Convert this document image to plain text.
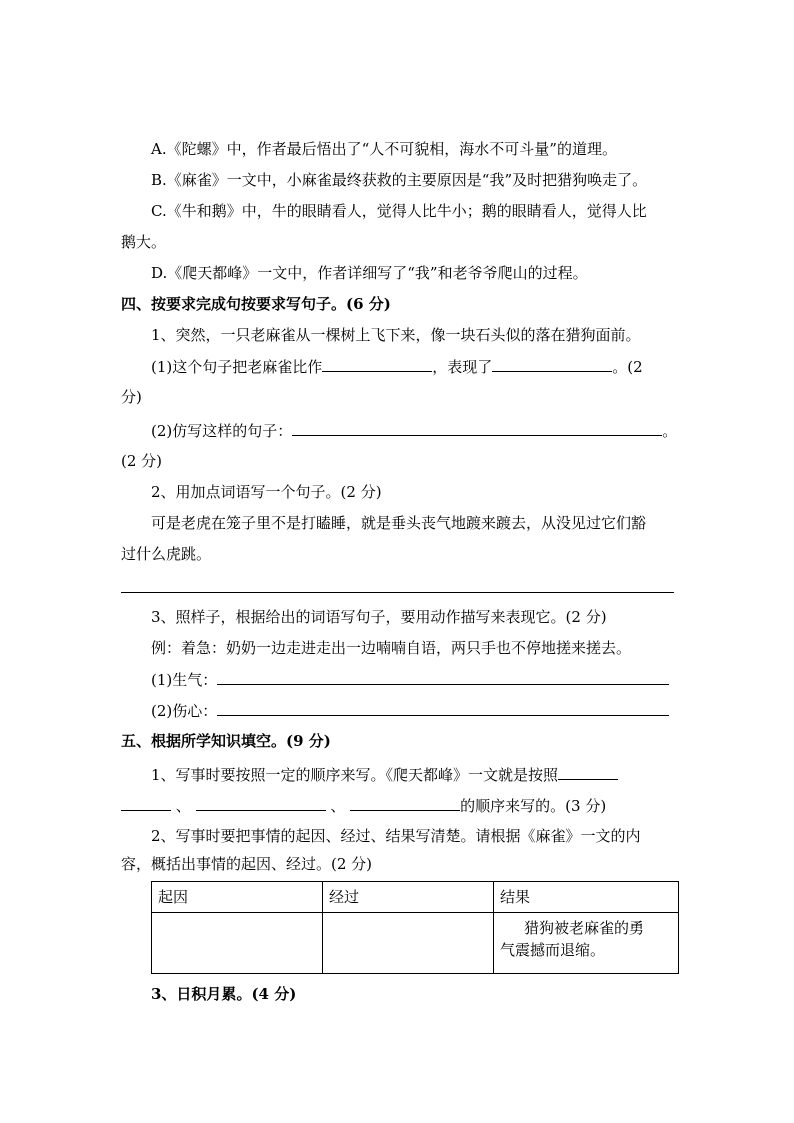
A.《陀螺》中，作者最后悟出了“人不可貌相，海水不可斗量”的道理。
B.《麻雀》一文中，小麻雀最终获救的主要原因是“我”及时把猎狗唤走了。
C.《牛和鹅》中，牛的眼睛看人，觉得人比牛小；鹅的眼睛看人，觉得人比
鹅大。
D.《爬天都峰》一文中，作者详细写了“我”和老爷爷爬山的过程。
四、按要求完成句按要求写句子。(6 分)
1、突然，一只老麻雀从一棵树上飞下来，像一块石头似的落在猎狗面前。
(1)这个句子把老麻雀比作	，表现了	。(2
分)
(2)仿写这样的句子：	。
(2 分)
2、用加点词语写一个句子。(2 分)
可是老虎在笼子里不是打瞌睡，就是垂头丧气地踱来踱去，从没见过它们豁
过什么虎跳。
3、照样子，根据给出的词语写句子，要用动作描写来表现它。(2 分)
例：着急：奶奶一边走进走出一边喃喃自语，两只手也不停地搓来搓去。
(1)生气：
(2)伤心：
五、根据所学知识填空。(9 分)
1、写事时要按照一定的顺序来写。《爬天都峰》一文就是按照
、	、	的顺序来写的。(3 分)
2、写事时要把事情的起因、经过、结果写清楚。请根据《麻雀》一文的内
容，概括出事情的起因、经过。(2 分)
起因	经过	结果

		猎狗被老麻雀的勇
气震撼而退缩。
3、日积月累。(4 分)
